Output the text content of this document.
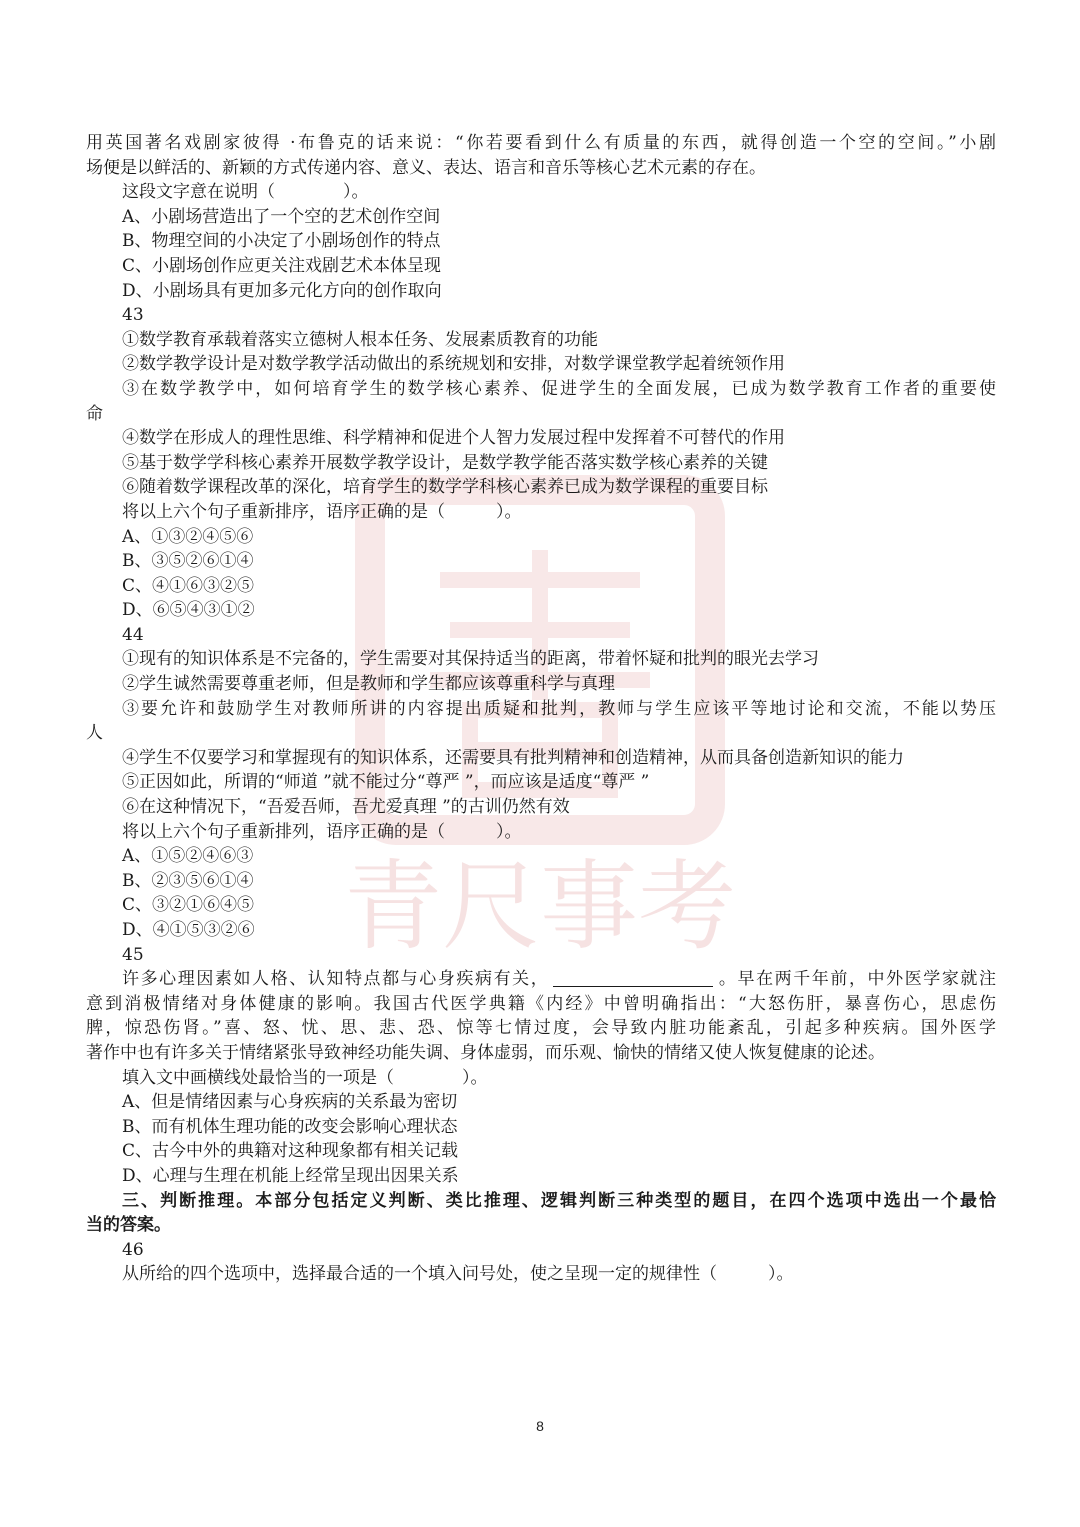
青尺事考
用英国著名戏剧家彼得 ·布鲁克的话来说：“你若要看到什么有质量的东西，就得创造一个空的空间。”小剧
场便是以鲜活的、新颖的方式传递内容、意义、表达、语言和音乐等核心艺术元素的存在。
这段文字意在说明（　　　　）。
A、小剧场营造出了一个空的艺术创作空间
B、物理空间的小决定了小剧场创作的特点
C、小剧场创作应更关注戏剧艺术本体呈现
D、小剧场具有更加多元化方向的创作取向
43
①数学教育承载着落实立德树人根本任务、发展素质教育的功能
②数学教学设计是对数学教学活动做出的系统规划和安排，对数学课堂教学起着统领作用
③在数学教学中，如何培育学生的数学核心素养、促进学生的全面发展，已成为数学教育工作者的重要使
命
④数学在形成人的理性思维、科学精神和促进个人智力发展过程中发挥着不可替代的作用
⑤基于数学学科核心素养开展数学教学设计，是数学教学能否落实数学核心素养的关键
⑥随着数学课程改革的深化，培育学生的数学学科核心素养已成为数学课程的重要目标
将以上六个句子重新排序，语序正确的是（　　　）。
A、①③②④⑤⑥
B、③⑤②⑥①④
C、④①⑥③②⑤
D、⑥⑤④③①②
44
①现有的知识体系是不完备的，学生需要对其保持适当的距离，带着怀疑和批判的眼光去学习
②学生诚然需要尊重老师，但是教师和学生都应该尊重科学与真理
③要允许和鼓励学生对教师所讲的内容提出质疑和批判，教师与学生应该平等地讨论和交流，不能以势压
人
④学生不仅要学习和掌握现有的知识体系，还需要具有批判精神和创造精神，从而具备创造新知识的能力
⑤正因如此，所谓的“师道 ”就不能过分“尊严 ”，而应该是适度“尊严 ”
⑥在这种情况下，“吾爱吾师，吾尤爱真理 ”的古训仍然有效
将以上六个句子重新排列，语序正确的是（　　　）。
A、①⑤②④⑥③
B、②③⑤⑥①④
C、③②①⑥④⑤
D、④①⑤③②⑥
45
许多心理因素如人格、认知特点都与心身疾病有关，	。早在两千年前，中外医学家就注
意到消极情绪对身体健康的影响。我国古代医学典籍《内经》中曾明确指出：“大怒伤肝，暴喜伤心，思虑伤
脾，惊恐伤肾。”喜、怒、忧、思、悲、恐、惊等七情过度，会导致内脏功能紊乱，引起多种疾病。国外医学
著作中也有许多关于情绪紧张导致神经功能失调、身体虚弱，而乐观、愉快的情绪又使人恢复健康的论述。
填入文中画横线处最恰当的一项是（　　　　）。
A、但是情绪因素与心身疾病的关系最为密切
B、而有机体生理功能的改变会影响心理状态
C、古今中外的典籍对这种现象都有相关记载
D、心理与生理在机能上经常呈现出因果关系
三、判断推理。本部分包括定义判断、类比推理、逻辑判断三种类型的题目，在四个选项中选出一个最恰
当的答案。
46
从所给的四个选项中，选择最合适的一个填入问号处，使之呈现一定的规律性（　　　）。
8
